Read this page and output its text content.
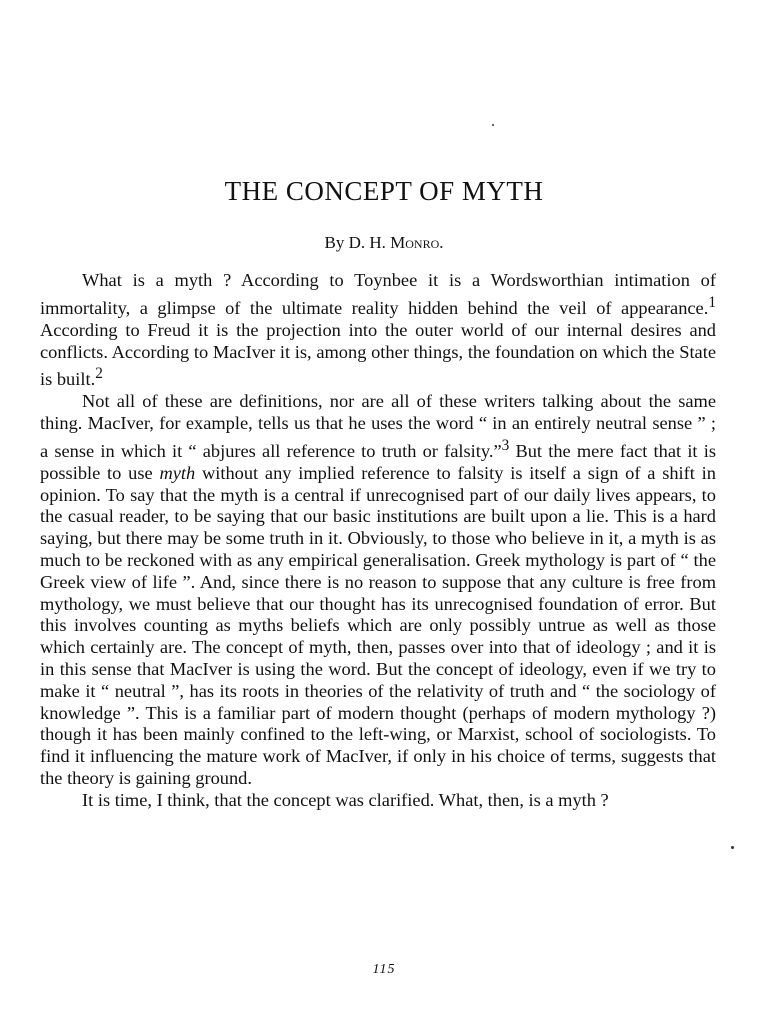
THE CONCEPT OF MYTH
By D. H. Monro.

What is a myth ? According to Toynbee it is a Wordsworthian intimation of immortality, a glimpse of the ultimate reality hidden behind the veil of appearance.$^1$ According to Freud it is the projection into the outer world of our internal desires and conflicts. According to MacIver it is, among other things, the foundation on which the State is built.$^2$

Not all of these are definitions, nor are all of these writers talking about the same thing. MacIver, for example, tells us that he uses the word “ in an entirely neutral sense ” ; a sense in which it “ abjures all reference to truth or falsity.”$^3$ But the mere fact that it is possible to use myth without any implied reference to falsity is itself a sign of a shift in opinion. To say that the myth is a central if unrecognised part of our daily lives appears, to the casual reader, to be saying that our basic institutions are built upon a lie. This is a hard saying, but there may be some truth in it. Obviously, to those who believe in it, a myth is as much to be reckoned with as any empirical generalisation. Greek mythology is part of “ the Greek view of life ”. And, since there is no reason to suppose that any culture is free from mythology, we must believe that our thought has its unrecognised foundation of error. But this involves counting as myths beliefs which are only possibly untrue as well as those which certainly are. The concept of myth, then, passes over into that of ideology ; and it is in this sense that MacIver is using the word. But the concept of ideology, even if we try to make it “ neutral ”, has its roots in theories of the relativity of truth and “ the sociology of knowledge ”. This is a familiar part of modern thought (perhaps of modern mythology ?) though it has been mainly confined to the left-wing, or Marxist, school of sociologists. To find it influencing the mature work of MacIver, if only in his choice of terms, suggests that the theory is gaining ground.

It is time, I think, that the concept was clarified. What, then, is a myth ?

115
